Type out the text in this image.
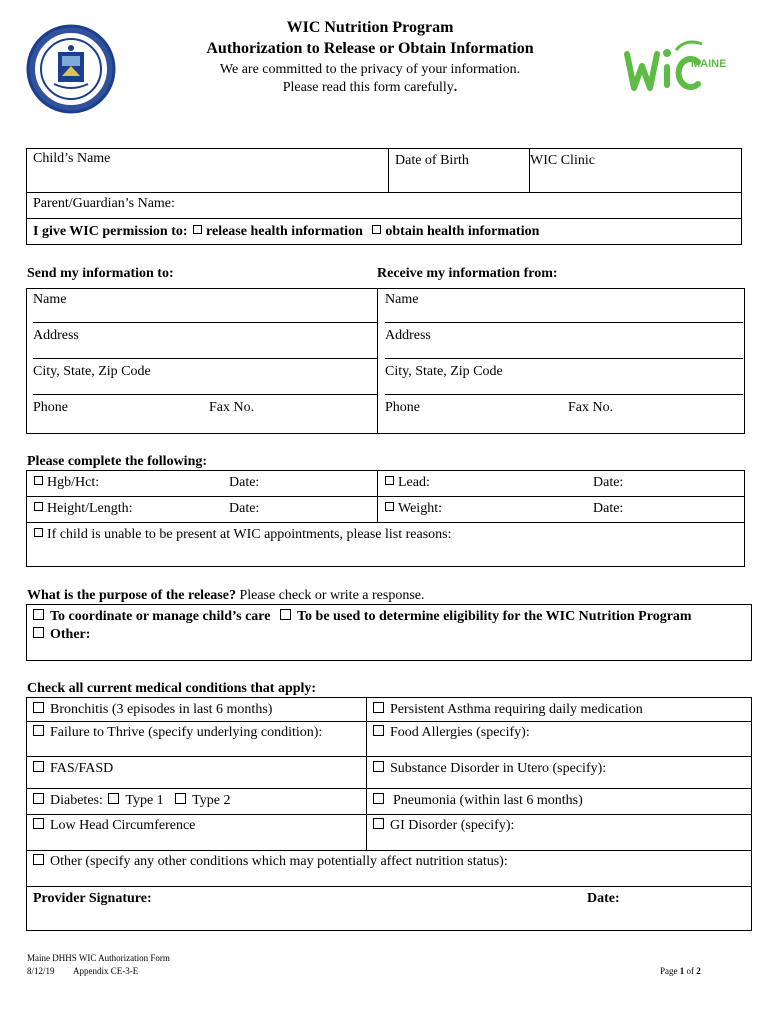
WIC Nutrition Program
Authorization to Release or Obtain Information
We are committed to the privacy of your information.
Please read this form carefully.
MAINE
Child’s Name	Date of Birth	WIC Clinic
Parent/Guardian’s Name:
I give WIC permission to: release health information obtain health information
Send my information to:	Receive my information from:
Name
Address
City, State, Zip Code
Phone	Fax No.
Name
Address
City, State, Zip Code
Phone	Fax No.
Please complete the following:
Hgb/Hct:	Date:	Lead:	Date:
Height/Length:	Date:	Weight:	Date:
If child is unable to be present at WIC appointments, please list reasons:
What is the purpose of the release? Please check or write a response.
To coordinate or manage child’s care To be used to determine eligibility for the WIC Nutrition Program
Other:
Check all current medical conditions that apply:
Bronchitis (3 episodes in last 6 months)	Persistent Asthma requiring daily medication
Failure to Thrive (specify underlying condition):	Food Allergies (specify):
FAS/FASD	Substance Disorder in Utero (specify):
Diabetes: Type 1 Type 2	Pneumonia (within last 6 months)
Low Head Circumference	GI Disorder (specify):
Other (specify any other conditions which may potentially affect nutrition status):
Provider Signature:	Date:
Maine DHHS WIC Authorization Form
8/12/19 Appendix CE-3-E	Page 1 of 2
